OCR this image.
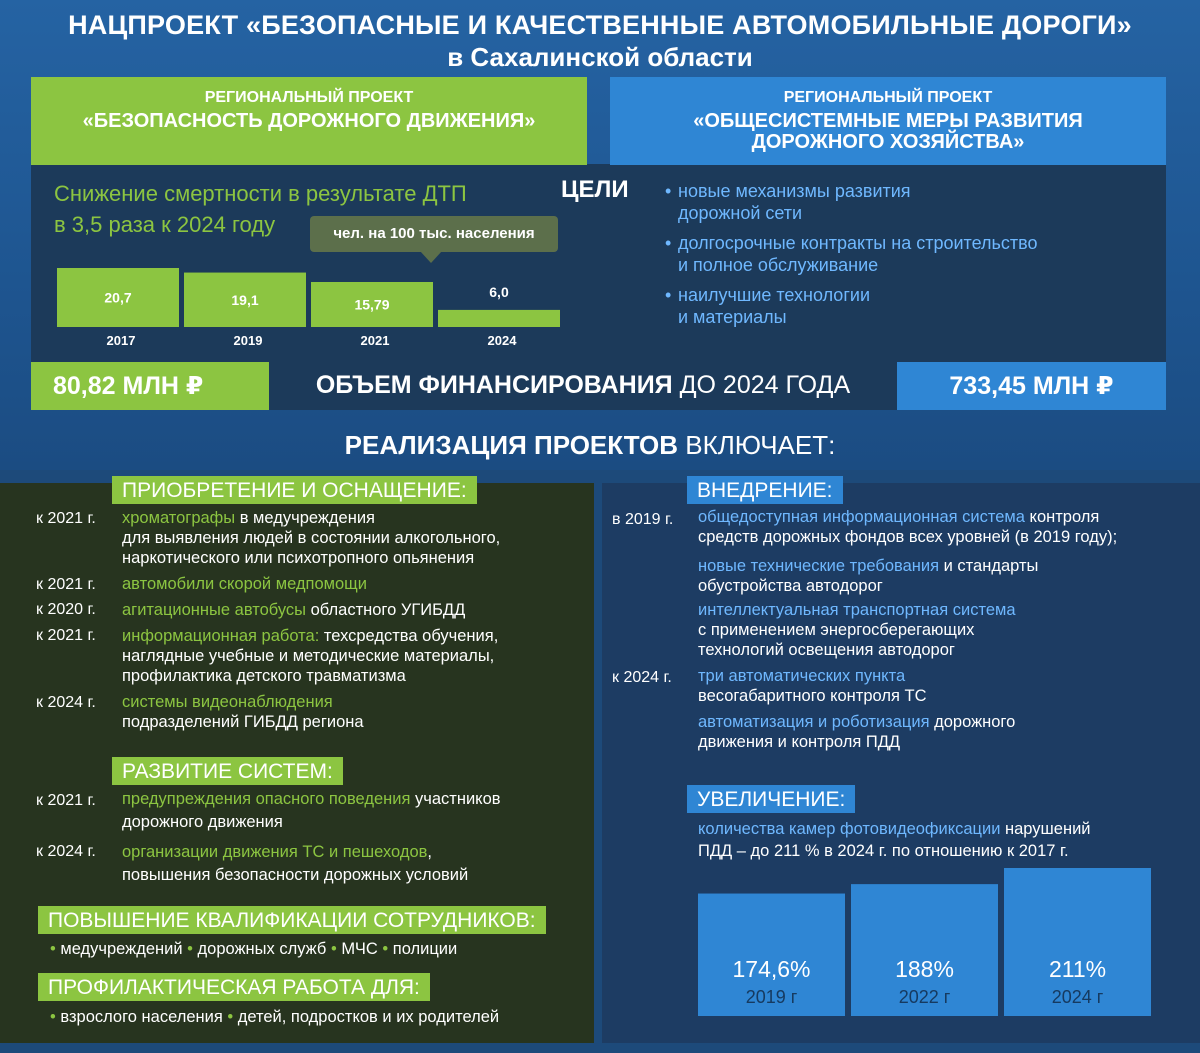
НАЦПРОЕКТ «БЕЗОПАСНЫЕ И КАЧЕСТВЕННЫЕ АВТОМОБИЛЬНЫЕ ДОРОГИ»
в Сахалинской области
РЕГИОНАЛЬНЫЙ ПРОЕКТ
«БЕЗОПАСНОСТЬ ДОРОЖНОГО ДВИЖЕНИЯ»
РЕГИОНАЛЬНЫЙ ПРОЕКТ
«ОБЩЕСИСТЕМНЫЕ МЕРЫ РАЗВИТИЯ
ДОРОЖНОГО ХОЗЯЙСТВА»
Снижение смертности в результате ДТП
в 3,5 раза к 2024 году	чел. на 100 тыс. населения
20,7
2017
19,1
2019
15,79
2021
6,0
2024
ЦЕЛИ
•	новые механизмы развития
дорожной сети
• долгосрочные контракты на строительство
и полное обслуживание
• наилучшие технологии
и материалы
80,82 МЛН ₽	ОБЪЕМ ФИНАНСИРОВАНИЯ ДО 2024 ГОДА	733,45 МЛН ₽
РЕАЛИЗАЦИЯ ПРОЕКТОВ ВКЛЮЧАЕТ:
ПРИОБРЕТЕНИЕ И ОСНАЩЕНИЕ:
к 2021 г. хроматографы в медучреждения
для выявления людей в состоянии алкогольного,
наркотического или психотропного опьянения
к 2021 г. автомобили скорой медпомощи
к 2020 г. агитационные автобусы областного УГИБДД
к 2021 г. информационная работа: техсредства обучения,
наглядные учебные и методические материалы,
профилактика детского травматизма
к 2024 г. системы видеонаблюдения
подразделений ГИБДД региона
РАЗВИТИЕ СИСТЕМ:
к 2021 г. предупреждения опасного поведения участников
дорожного движения
к 2024 г. организации движения ТС и пешеходов,
повышения безопасности дорожных условий
ПОВЫШЕНИЕ КВАЛИФИКАЦИИ СОТРУДНИКОВ:
• медучреждений • дорожных служб • МЧС • полиции
ПРОФИЛАКТИЧЕСКАЯ РАБОТА ДЛЯ:
• взрослого населения • детей, подростков и их родителей
ВНЕДРЕНИЕ:
в 2019 г. общедоступная информационная система контроля
средств дорожных фондов всех уровней (в 2019 году);
новые технические требования и стандарты
обустройства автодорог
интеллектуальная транспортная система
с применением энергосберегающих
технологий освещения автодорог
к 2024 г. три автоматических пункта
весогабаритного контроля ТС
автоматизация и роботизация дорожного
движения и контроля ПДД
УВЕЛИЧЕНИЕ:
количества камер фотовидеофиксации нарушений
ПДД – до 211 % в 2024 г. по отношению к 2017 г.
174,6%
2019 г
188%
2022 г
211%
2024 г
